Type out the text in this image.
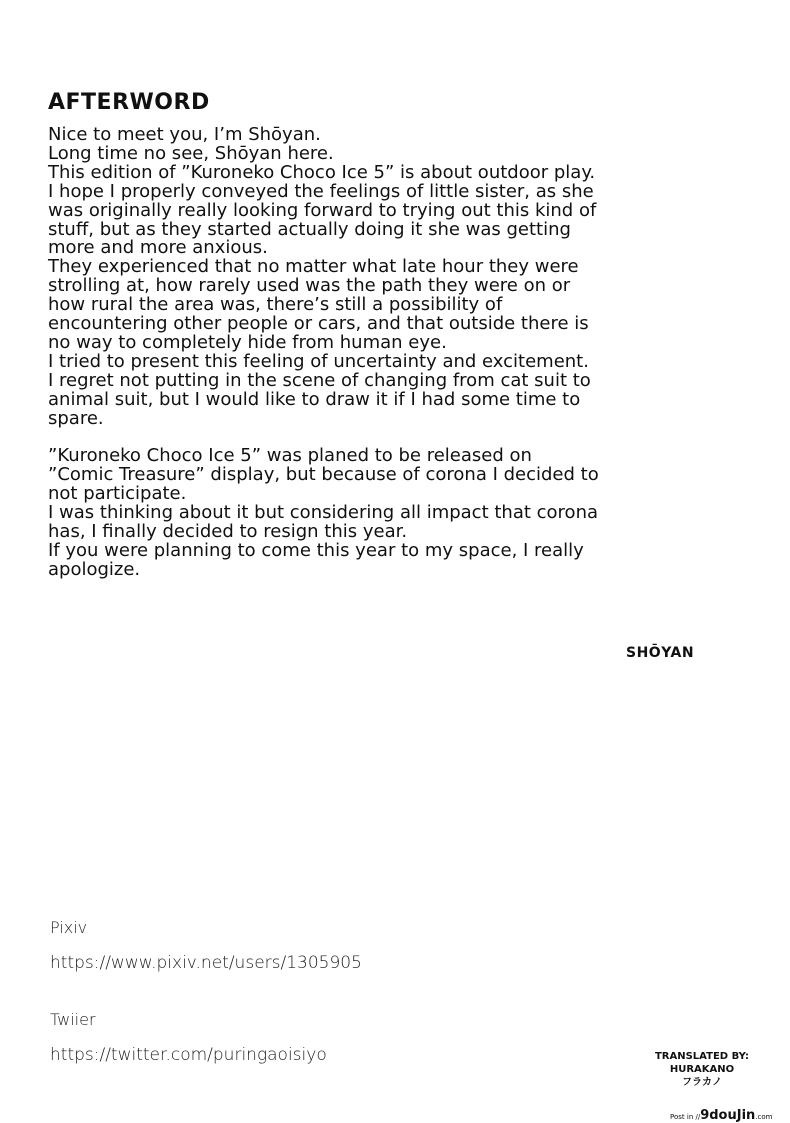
AFTERWORD
Nice to meet you, I’m Shōyan.
Long time no see, Shōyan here.
This edition of ”Kuroneko Choco Ice 5” is about outdoor play.
I hope I properly conveyed the feelings of little sister, as she
was originally really looking forward to trying out this kind of
stuff, but as they started actually doing it she was getting
more and more anxious.
They experienced that no matter what late hour they were
strolling at, how rarely used was the path they were on or
how rural the area was, there’s still a possibility of
encountering other people or cars, and that outside there is
no way to completely hide from human eye.
I tried to present this feeling of uncertainty and excitement.
I regret not putting in the scene of changing from cat suit to
animal suit, but I would like to draw it if I had some time to
spare.
”Kuroneko Choco Ice 5” was planed to be released on
”Comic Treasure” display, but because of corona I decided to
not participate.
I was thinking about it but considering all impact that corona
has, I finally decided to resign this year.
If you were planning to come this year to my space, I really
apologize.
SHŌYAN
Pixiv
https://www.pixiv.net/users/1305905
Twiier
https://twitter.com/puringaoisiyo	TRANSLATED BY:
HURAKANO
フラカノ
Post in //9douJin.com
